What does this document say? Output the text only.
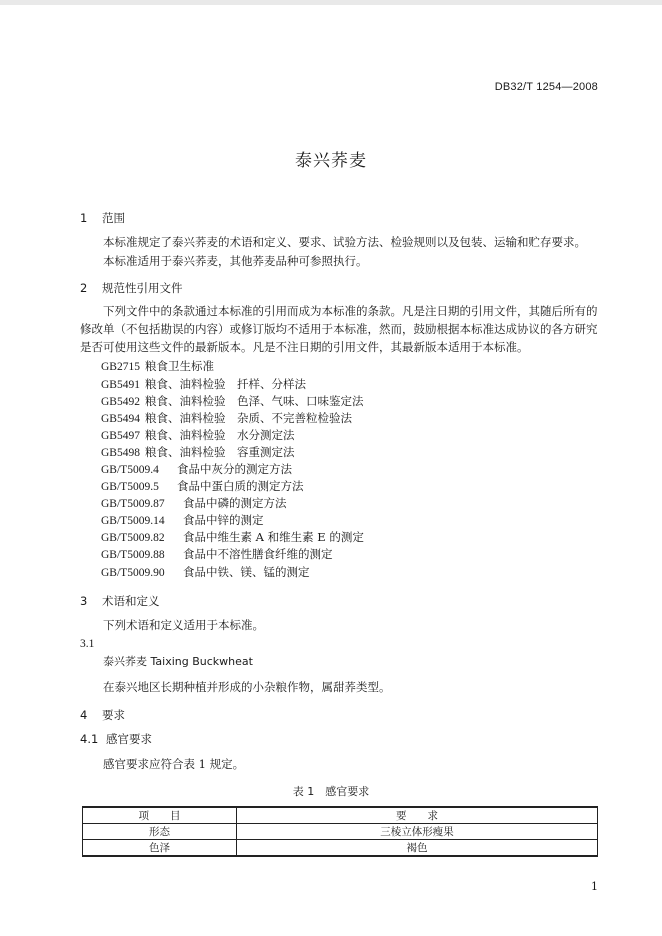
DB32/T 1254—2008
泰兴荞麦
1 范围
本标准规定了泰兴荞麦的术语和定义、要求、试验方法、检验规则以及包装、运输和贮存要求。
本标准适用于泰兴荞麦，其他荞麦品种可参照执行。
2 规范性引用文件
下列文件中的条款通过本标准的引用而成为本标准的条款。凡是注日期的引用文件，其随后所有的
修改单（不包括勘误的内容）或修订版均不适用于本标准，然而，鼓励根据本标准达成协议的各方研究
是否可使用这些文件的最新版本。凡是不注日期的引用文件，其最新版本适用于本标准。
GB2715 粮食卫生标准
GB5491 粮食、油料检验　扦样、分样法
GB5492 粮食、油料检验　色泽、气味、口味鉴定法
GB5494 粮食、油料检验　杂质、不完善粒检验法
GB5497 粮食、油料检验　水分测定法
GB5498 粮食、油料检验　容重测定法
GB/T5009.4 食品中灰分的测定方法
GB/T5009.5 食品中蛋白质的测定方法
GB/T5009.87 食品中磷的测定方法
GB/T5009.14 食品中锌的测定
GB/T5009.82 食品中维生素 A 和维生素 E 的测定
GB/T5009.88 食品中不溶性膳食纤维的测定
GB/T5009.90 食品中铁、镁、锰的测定
3 术语和定义
下列术语和定义适用于本标准。
3.1
泰兴荞麦 Taixing Buckwheat
在泰兴地区长期种植并形成的小杂粮作物，属甜荞类型。
4 要求
4.1 感官要求
感官要求应符合表 1 规定。
表 1　感官要求
项　　目	要　　求
形态	三棱立体形瘦果
色泽	褐色
1
